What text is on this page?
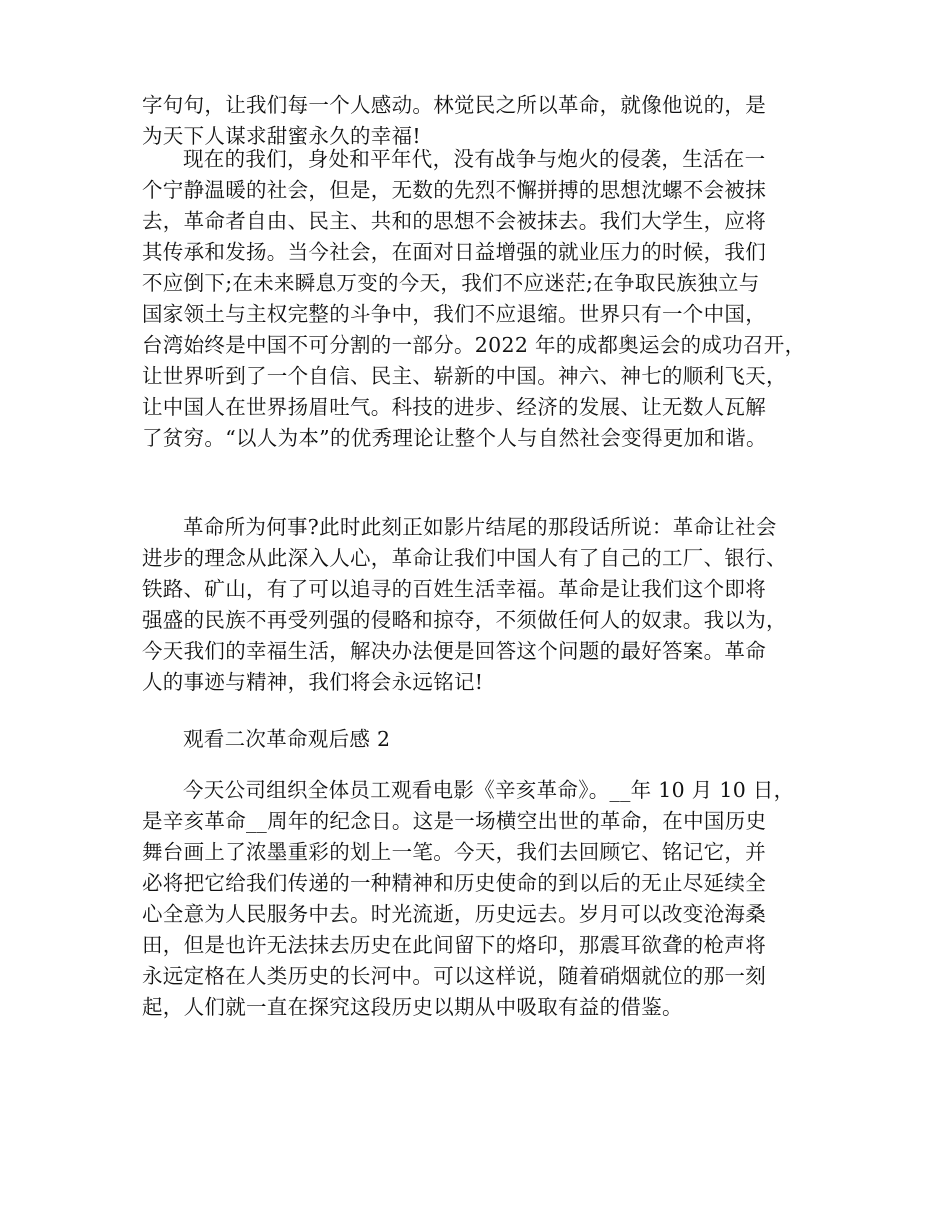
字句句，让我们每一个人感动。林觉民之所以革命，就像他说的，是
为天下人谋求甜蜜永久的幸福!
现在的我们，身处和平年代，没有战争与炮火的侵袭，生活在一
个宁静温暖的社会，但是，无数的先烈不懈拼搏的思想沈螺不会被抹
去，革命者自由、民主、共和的思想不会被抹去。我们大学生，应将
其传承和发扬。当今社会，在面对日益增强的就业压力的时候，我们
不应倒下;在未来瞬息万变的今天，我们不应迷茫;在争取民族独立与
国家领土与主权完整的斗争中，我们不应退缩。世界只有一个中国，
台湾始终是中国不可分割的一部分。2022 年的成都奥运会的成功召开，
让世界听到了一个自信、民主、崭新的中国。神六、神七的顺利飞天，
让中国人在世界扬眉吐气。科技的进步、经济的发展、让无数人瓦解
了贫穷。“以人为本”的优秀理论让整个人与自然社会变得更加和谐。
革命所为何事?此时此刻正如影片结尾的那段话所说：革命让社会
进步的理念从此深入人心，革命让我们中国人有了自己的工厂、银行、
铁路、矿山，有了可以追寻的百姓生活幸福。革命是让我们这个即将
强盛的民族不再受列强的侵略和掠夺，不须做任何人的奴隶。我以为，
今天我们的幸福生活，解决办法便是回答这个问题的最好答案。革命
人的事迹与精神，我们将会永远铭记!
观看二次革命观后感 2
今天公司组织全体员工观看电影《辛亥革命》。__年 10 月 10 日，
是辛亥革命__周年的纪念日。这是一场横空出世的革命，在中国历史
舞台画上了浓墨重彩的划上一笔。今天，我们去回顾它、铭记它，并
必将把它给我们传递的一种精神和历史使命的到以后的无止尽延续全
心全意为人民服务中去。时光流逝，历史远去。岁月可以改变沧海桑
田，但是也许无法抹去历史在此间留下的烙印，那震耳欲聋的枪声将
永远定格在人类历史的长河中。可以这样说，随着硝烟就位的那一刻
起，人们就一直在探究这段历史以期从中吸取有益的借鉴。
